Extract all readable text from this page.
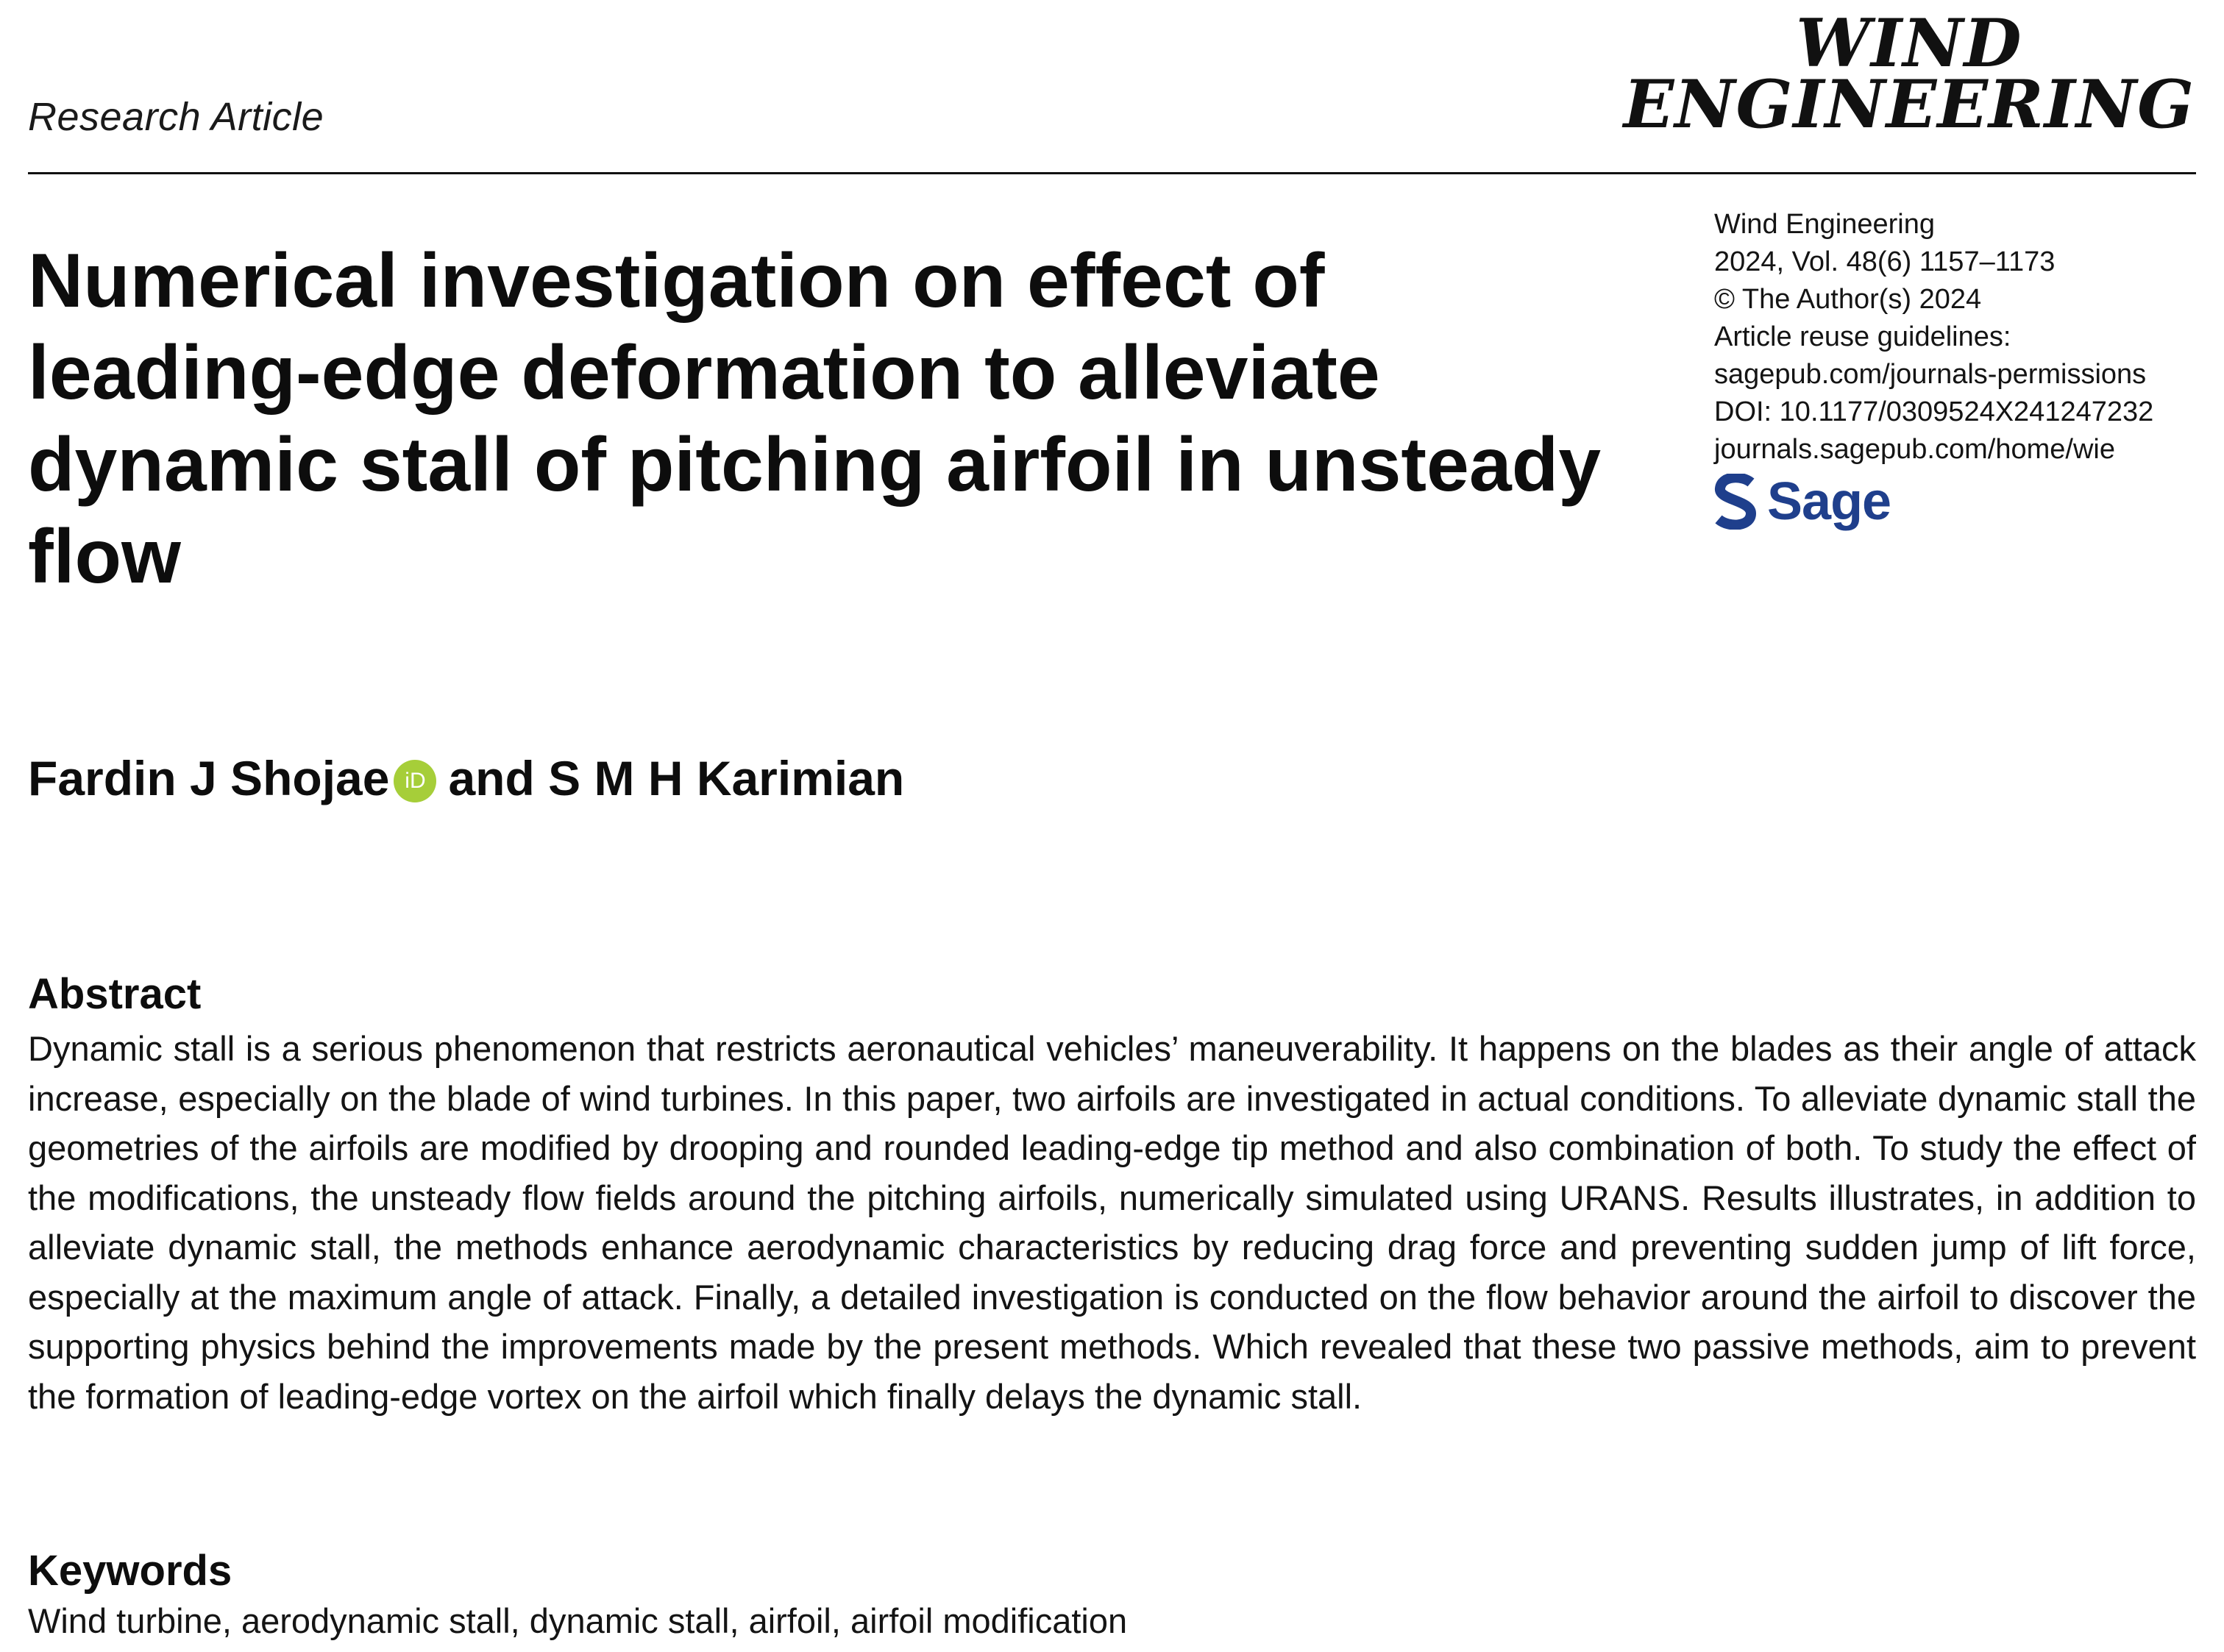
Research Article
WIND
ENGINEERING
Numerical investigation on effect of leading-edge deformation to alleviate dynamic stall of pitching airfoil in unsteady flow
Wind Engineering
2024, Vol. 48(6) 1157–1173
© The Author(s) 2024
Article reuse guidelines:
sagepub.com/journals-permissions
DOI: 10.1177/0309524X241247232
journals.sagepub.com/home/wie
Sage
Fardin J Shojae iD and S M H Karimian
Abstract

Dynamic stall is a serious phenomenon that restricts aeronautical vehicles’ maneuverability. It happens on the blades as their angle of attack increase, especially on the blade of wind turbines. In this paper, two airfoils are investigated in actual conditions. To alleviate dynamic stall the geometries of the airfoils are modified by drooping and rounded leading-edge tip method and also combination of both. To study the effect of the modifications, the unsteady flow fields around the pitching airfoils, numerically simulated using URANS. Results illustrates, in addition to alleviate dynamic stall, the methods enhance aerodynamic characteristics by reducing drag force and preventing sudden jump of lift force, especially at the maximum angle of attack. Finally, a detailed investigation is conducted on the flow behavior around the airfoil to discover the supporting physics behind the improvements made by the present methods. Which revealed that these two passive methods, aim to prevent the formation of leading-edge vortex on the airfoil which finally delays the dynamic stall.

Keywords

Wind turbine, aerodynamic stall, dynamic stall, airfoil, airfoil modification
